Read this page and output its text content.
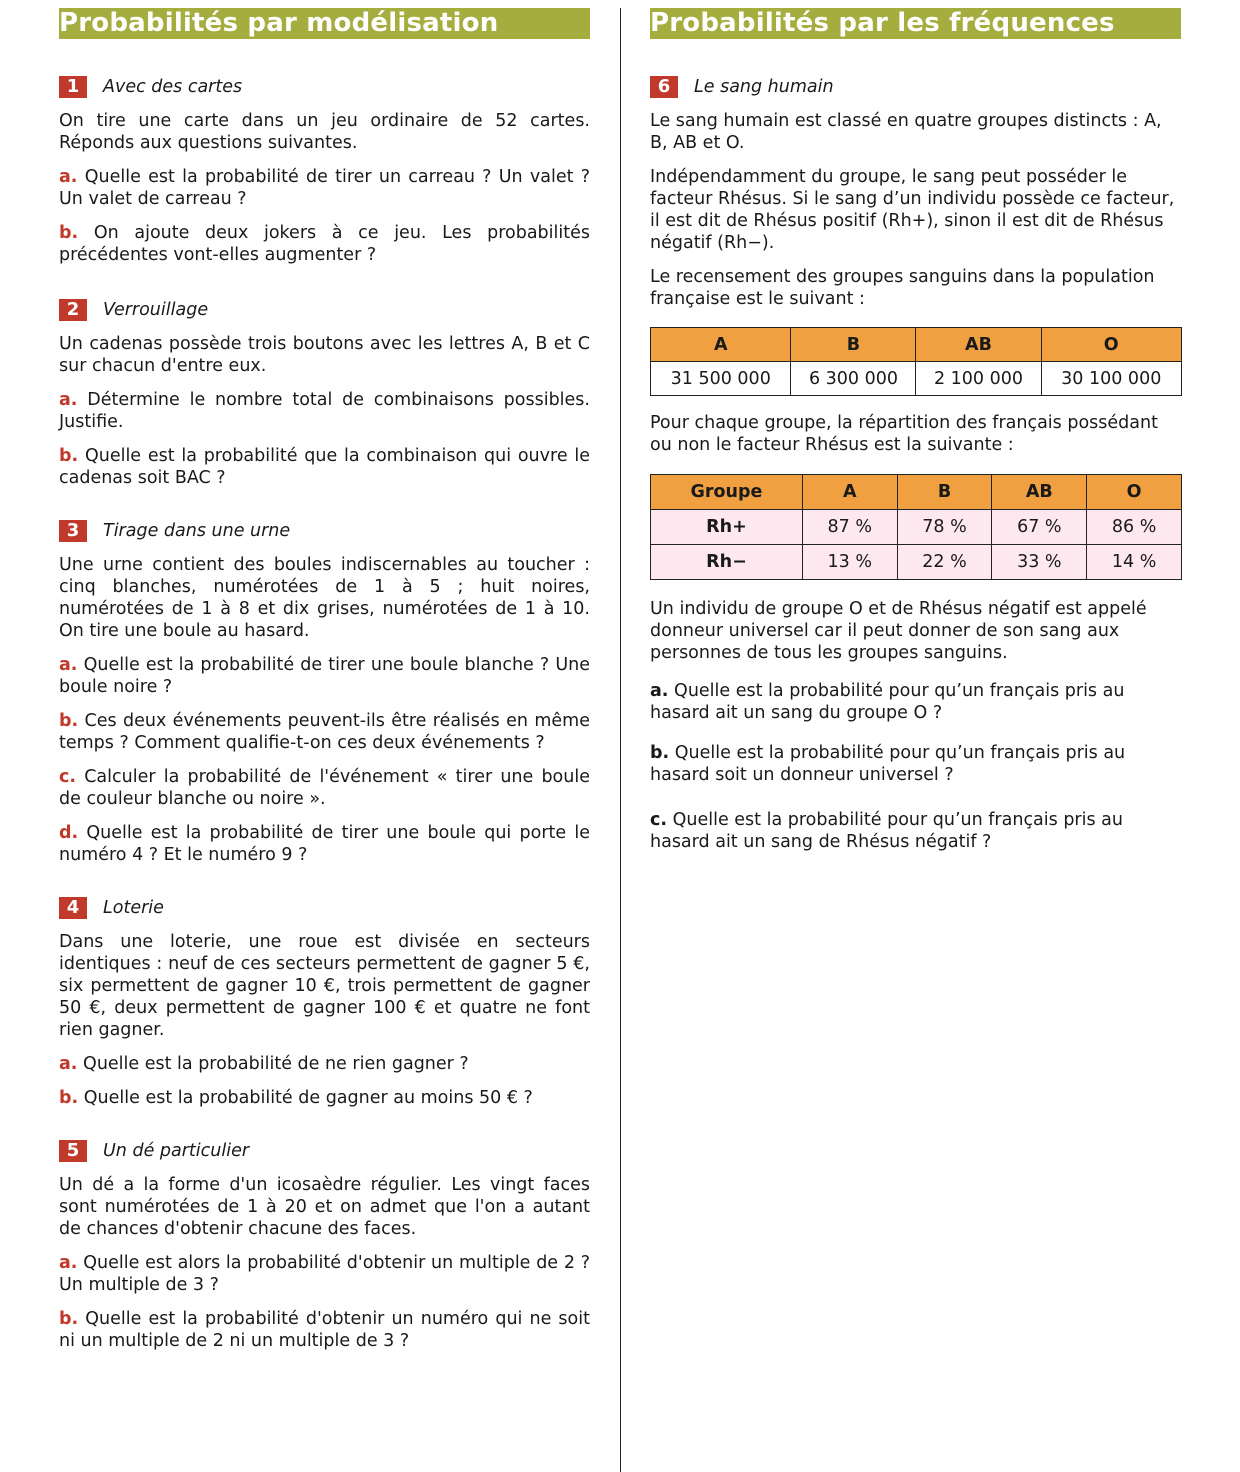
Probabilités par modélisation
1	Avec des cartes

On tire une carte dans un jeu ordinaire de 52 cartes. Réponds aux questions suivantes.

a. Quelle est la probabilité de tirer un carreau ? Un valet ? Un valet de carreau ?

b. On ajoute deux jokers à ce jeu. Les probabilités précédentes vont-elles augmenter ?

2	Verrouillage

Un cadenas possède trois boutons avec les lettres A, B et C sur chacun d'entre eux.

a. Détermine le nombre total de combinaisons possibles. Justifie.

b. Quelle est la probabilité que la combinaison qui ouvre le cadenas soit BAC ?

3	Tirage dans une urne

Une urne contient des boules indiscernables au toucher : cinq blanches, numérotées de 1 à 5 ; huit noires, numérotées de 1 à 8 et dix grises, numérotées de 1 à 10. On tire une boule au hasard.

a. Quelle est la probabilité de tirer une boule blanche ? Une boule noire ?

b. Ces deux événements peuvent-ils être réalisés en même temps ? Comment qualifie-t-on ces deux événements ?

c. Calculer la probabilité de l'événement « tirer une boule de couleur blanche ou noire ».

d. Quelle est la probabilité de tirer une boule qui porte le numéro 4 ? Et le numéro 9 ?

4	Loterie

Dans une loterie, une roue est divisée en secteurs identiques : neuf de ces secteurs permettent de gagner 5 €, six permettent de gagner 10 €, trois permettent de gagner 50 €, deux permettent de gagner 100 € et quatre ne font rien gagner.

a. Quelle est la probabilité de ne rien gagner ?

b. Quelle est la probabilité de gagner au moins 50 € ?

5	Un dé particulier

Un dé a la forme d'un icosaèdre régulier. Les vingt faces sont numérotées de 1 à 20 et on admet que l'on a autant de chances d'obtenir chacune des faces.

a. Quelle est alors la probabilité d'obtenir un multiple de 2 ? Un multiple de 3 ?

b. Quelle est la probabilité d'obtenir un numéro qui ne soit ni un multiple de 2 ni un multiple de 3 ?

Probabilités par les fréquences
6	Le sang humain

Le sang humain est classé en quatre groupes distincts : A, B, AB et O.

Indépendamment du groupe, le sang peut posséder le facteur Rhésus. Si le sang d’un individu possède ce facteur, il est dit de Rhésus positif (Rh+), sinon il est dit de Rhésus négatif (Rh−).

Le recensement des groupes sanguins dans la population française est le suivant :

A	B	AB	O
31 500 000	6 300 000	2 100 000	30 100 000

Pour chaque groupe, la répartition des français possédant ou non le facteur Rhésus est la suivante :

Groupe	A	B	AB	O
Rh+	87 %	78 %	67 %	86 %
Rh−	13 %	22 %	33 %	14 %

Un individu de groupe O et de Rhésus négatif est appelé donneur universel car il peut donner de son sang aux personnes de tous les groupes sanguins.

a. Quelle est la probabilité pour qu’un français pris au hasard ait un sang du groupe O ?

b. Quelle est la probabilité pour qu’un français pris au hasard soit un donneur universel ?

c. Quelle est la probabilité pour qu’un français pris au hasard ait un sang de Rhésus négatif ?
